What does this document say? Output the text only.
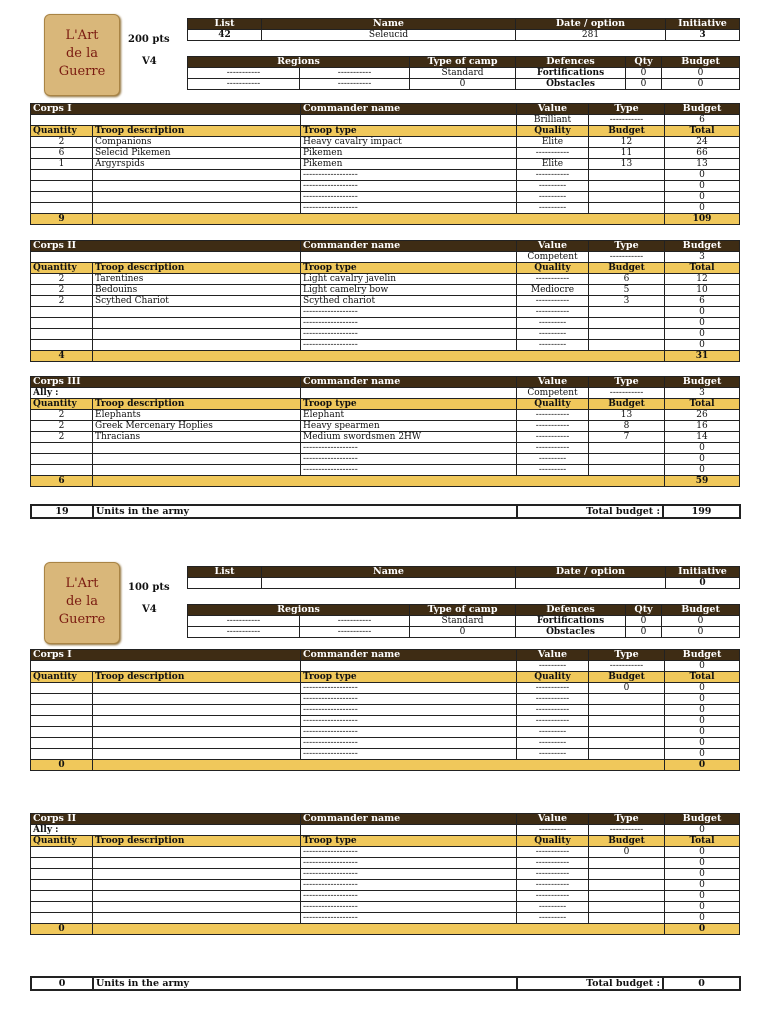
L'Art
de la
Guerre
200 pts
V4
List	Name	Date / option	Initiative
42	Seleucid	281	3
Regions		Type of camp	Defences	Qty	Budget
-----------	-----------	Standard	Fortifications	0	0
-----------	-----------	0	Obstacles	0	0
Corps I		Commander name	Value	Type	Budget
			Brilliant	-----------	6
Quantity	Troop description	Troop type	Quality	Budget	Total
2	Companions	Heavy cavalry impact	Elite	12	24
6	Selecid Pikemen	Pikemen	-----------	11	66
1	Argyrspids	Pikemen	Elite	13	13
		------------------	-----------		0
		------------------	---------		0
		------------------	---------		0
		------------------	---------		0
9					109
Corps II		Commander name	Value	Type	Budget
			Competent	-----------	3
Quantity	Troop description	Troop type	Quality	Budget	Total
2	Tarentines	Light cavalry javelin	-----------	6	12
2	Bedouins	Light camelry bow	Mediocre	5	10
2	Scythed Chariot	Scythed chariot	-----------	3	6
		------------------	-----------		0
		------------------	---------		0
		------------------	---------		0
		------------------	---------		0
4					31
Corps III		Commander name	Value	Type	Budget
Ally :			Competent	-----------	3
Quantity	Troop description	Troop type	Quality	Budget	Total
2	Elephants	Elephant	-----------	13	26
2	Greek Mercenary Hoplies	Heavy spearmen	-----------	8	16
2	Thracians	Medium swordsmen 2HW	-----------	7	14
		------------------	-----------		0
		------------------	---------		0
		------------------	---------		0
6					59
19	Units in the army	Total budget :	199
L'Art
de la
Guerre
100 pts
V4
List	Name	Date / option	Initiative
			0
Regions		Type of camp	Defences	Qty	Budget
-----------	-----------	Standard	Fortifications	0	0
-----------	-----------	0	Obstacles	0	0
Corps I		Commander name	Value	Type	Budget
			---------	-----------	0
Quantity	Troop description	Troop type	Quality	Budget	Total
		------------------	-----------	0	0
		------------------	-----------		0
		------------------	-----------		0
		------------------	-----------		0
		------------------	---------		0
		------------------	---------		0
		------------------	---------		0
0					0
Corps II		Commander name	Value	Type	Budget
Ally :			---------	-----------	0
Quantity	Troop description	Troop type	Quality	Budget	Total
		------------------	-----------	0	0
		------------------	-----------		0
		------------------	-----------		0
		------------------	-----------		0
		------------------	-----------		0
		------------------	---------		0
		------------------	---------		0
0					0
0	Units in the army	Total budget :	0
